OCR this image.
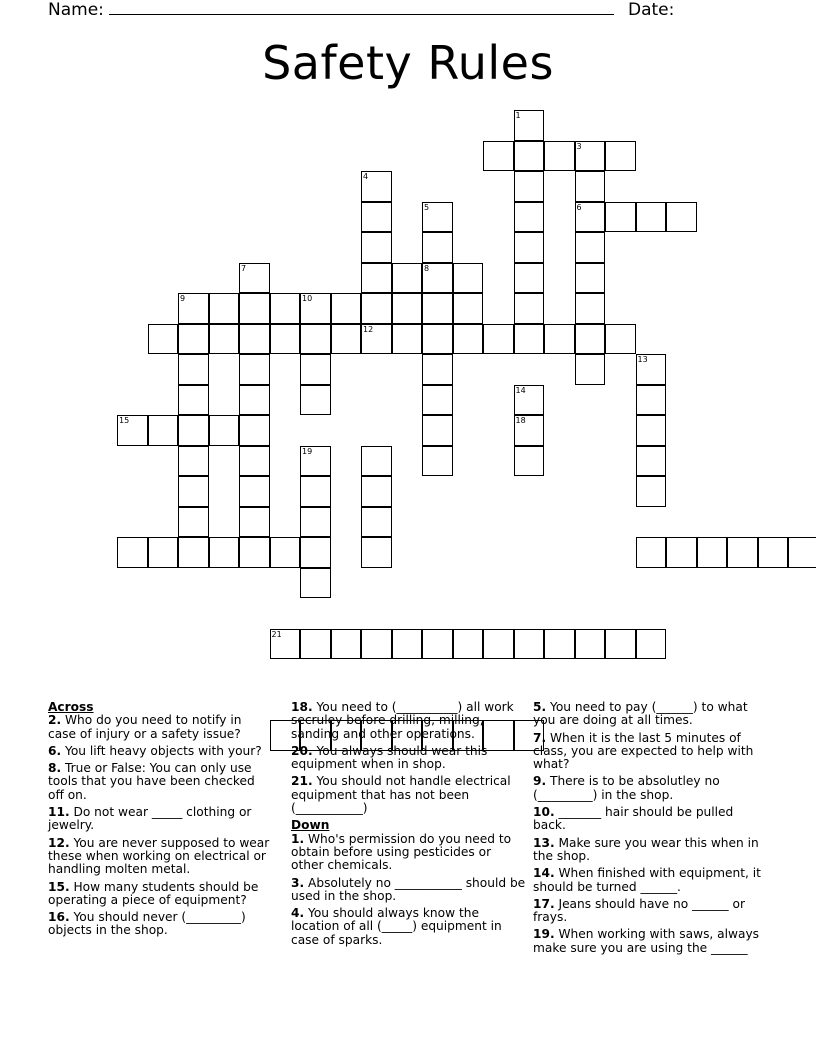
Name:	Date:
Safety Rules
3
6
8
9	10
12
15
21
1
4
5
7
13
14
18
19
Across
2. Who do you need to notify in case of injury or a safety issue?
6. You lift heavy objects with your?
8. True or False: You can only use tools that you have been checked off on.
11. Do not wear _____ clothing or jewelry.
12. You are never supposed to wear these when working on electrical or handling molten metal.
15. How many students should be operating a piece of equipment?
16. You should never (_________) objects in the shop.
18. You need to (__________) all work secruley before drilling, milling, sanding and other operations.
20. You always should wear this equipment when in shop.
21. You should not handle electrical equipment that has not been (___________)
Down
1. Who's permission do you need to obtain before using pesticides or other chemicals.
3. Absolutely no ___________ should be used in the shop.
4. You should always know the location of all (_____) equipment in case of sparks.
5. You need to pay (______) to what you are doing at all times.
7. When it is the last 5 minutes of class, you are expected to help with what?
9. There is to be absolutley no (_________) in the shop.
10. _______ hair should be pulled back.
13. Make sure you wear this when in the shop.
14. When finished with equipment, it should be turned ______.
17. Jeans should have no ______ or frays.
19. When working with saws, always make sure you are using the ______
